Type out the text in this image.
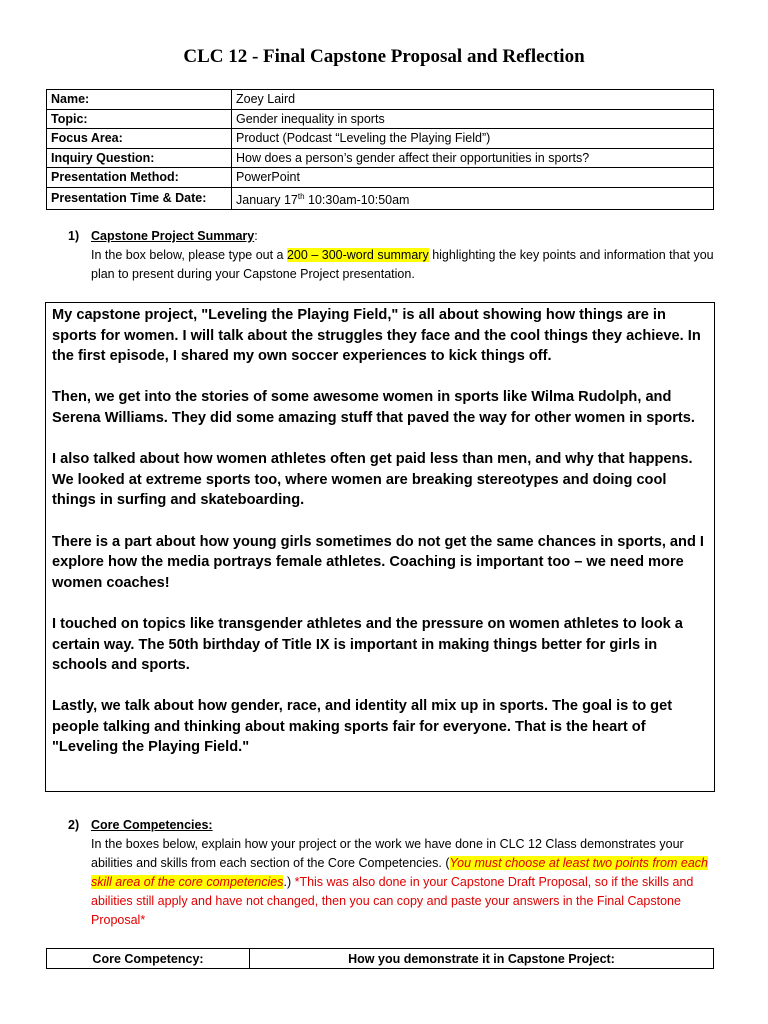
CLC 12 - Final Capstone Proposal and Reflection
Name:	Zoey Laird
Topic:	Gender inequality in sports
Focus Area:	Product (Podcast “Leveling the Playing Field”)
Inquiry Question:	How does a person’s gender affect their opportunities in sports?
Presentation Method:	PowerPoint
Presentation Time & Date:	January 17th 10:30am-10:50am
1) Capstone Project Summary:
In the box below, please type out a 200 – 300-word summary highlighting the key points and information that you plan to present during your Capstone Project presentation.

My capstone project, "Leveling the Playing Field," is all about showing how things are in sports for women. I will talk about the struggles they face and the cool things they achieve. In the first episode, I shared my own soccer experiences to kick things off.

Then, we get into the stories of some awesome women in sports like Wilma Rudolph, and Serena Williams. They did some amazing stuff that paved the way for other women in sports.

I also talked about how women athletes often get paid less than men, and why that happens. We looked at extreme sports too, where women are breaking stereotypes and doing cool things in surfing and skateboarding.

There is a part about how young girls sometimes do not get the same chances in sports, and I explore how the media portrays female athletes. Coaching is important too – we need more women coaches!

I touched on topics like transgender athletes and the pressure on women athletes to look a certain way. The 50th birthday of Title IX is important in making things better for girls in schools and sports.

Lastly, we talk about how gender, race, and identity all mix up in sports. The goal is to get people talking and thinking about making sports fair for everyone. That is the heart of "Leveling the Playing Field."

2) Core Competencies:
In the boxes below, explain how your project or the work we have done in CLC 12 Class demonstrates your abilities and skills from each section of the Core Competencies. (You must choose at least two points from each skill area of the core competencies.) *This was also done in your Capstone Draft Proposal, so if the skills and abilities still apply and have not changed, then you can copy and paste your answers in the Final Capstone Proposal*
Core Competency:	How you demonstrate it in Capstone Project:
